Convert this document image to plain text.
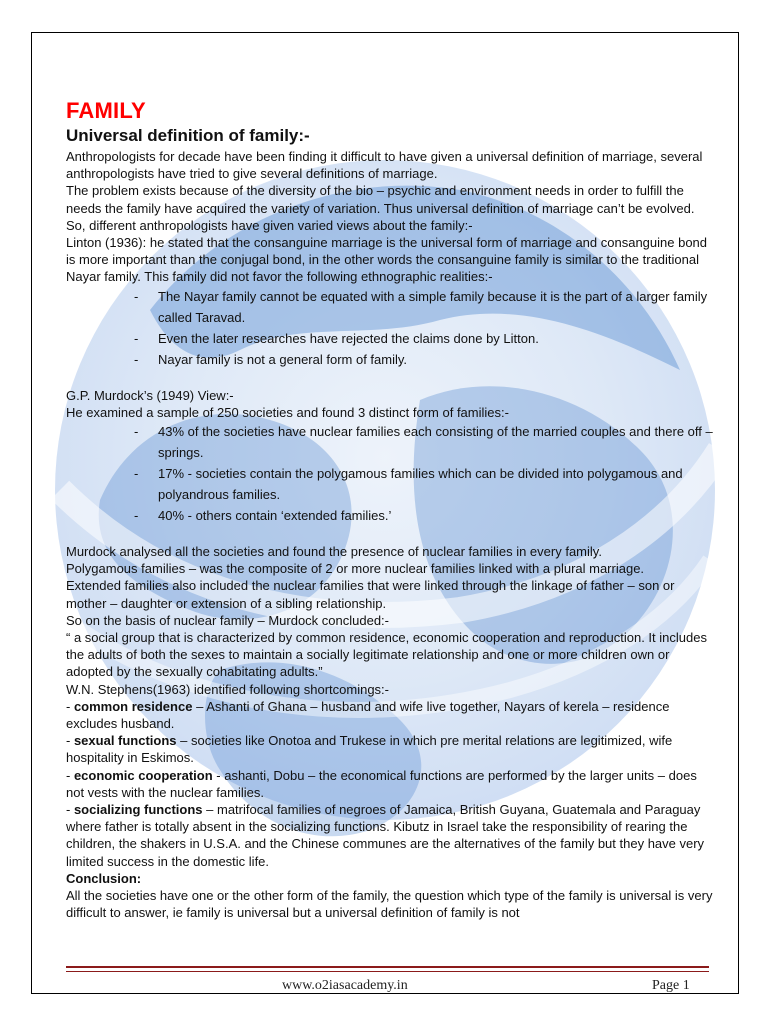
FAMILY
Universal definition of family:-

Anthropologists for decade have been finding it difficult to have given a universal definition of marriage, several anthropologists have tried to give several definitions of marriage.

The problem exists because of the diversity of the bio – psychic and environment needs in order to fulfill the needs the family have acquired the variety of variation. Thus universal definition of marriage can’t be evolved.

So, different anthropologists have given varied views about the family:-

Linton (1936): he stated that the consanguine marriage is the universal form of marriage and consanguine bond is more important than the conjugal bond, in the other words the consanguine family is similar to the traditional Nayar family. This family did not favor the following ethnographic realities:-

- The Nayar family cannot be equated with a simple family because it is the part of a larger family called Taravad.
- Even the later researches have rejected the claims done by Litton.
- Nayar family is not a general form of family.

G.P. Murdock’s (1949) View:-

He examined a sample of 250 societies and found 3 distinct form of families:-

- 43% of the societies have nuclear families each consisting of the married couples and there off – springs.
- 17% - societies contain the polygamous families which can be divided into polygamous and polyandrous families.
- 40% - others contain ‘extended families.’

Murdock analysed all the societies and found the presence of nuclear families in every family.

Polygamous families – was the composite of 2 or more nuclear families linked with a plural marriage.

Extended families also included the nuclear families that were linked through the linkage of father – son or mother – daughter or extension of a sibling relationship.

So on the basis of nuclear family – Murdock concluded:-

“ a social group that is characterized by common residence, economic cooperation and reproduction. It includes the adults of both the sexes to maintain a socially legitimate relationship and one or more children own or adopted by the sexually cohabitating adults.”

W.N. Stephens(1963) identified following shortcomings:-

- common residence – Ashanti of Ghana – husband and wife live together, Nayars of kerela – residence excludes husband.

- sexual functions – societies like Onotoa and Trukese in which pre merital relations are legitimized, wife hospitality in Eskimos.

- economic cooperation - ashanti, Dobu – the economical functions are performed by the larger units – does not vests with the nuclear families.

- socializing functions – matrifocal families of negroes of Jamaica, British Guyana, Guatemala and Paraguay where father is totally absent in the socializing functions. Kibutz in Israel take the responsibility of rearing the children, the shakers in U.S.A. and the Chinese communes are the alternatives of the family but they have very limited success in the domestic life.

Conclusion:

All the societies have one or the other form of the family, the question which type of the family is universal is very difficult to answer, ie family is universal but a universal definition of family is not

www.o2iasacademy.in	Page 1
